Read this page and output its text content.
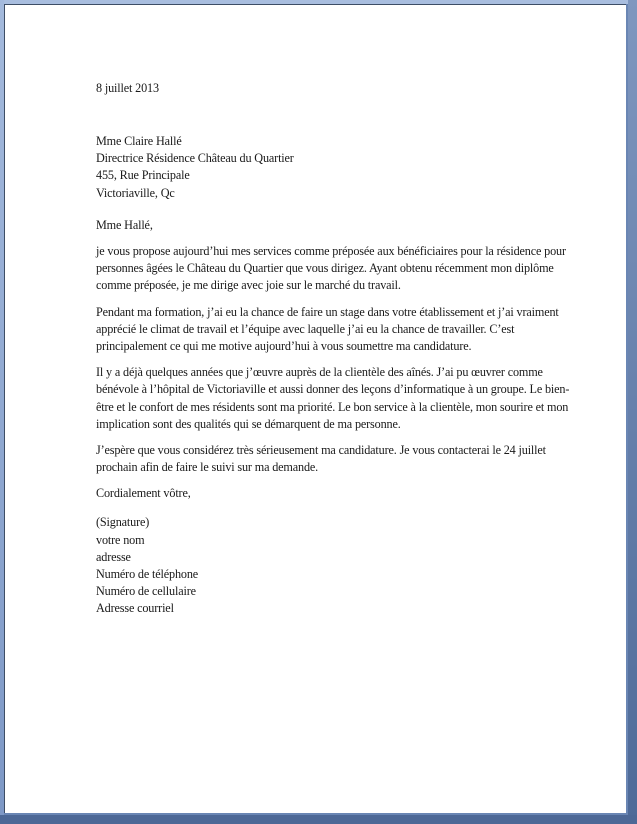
8 juillet 2013
Mme Claire Hallé
Directrice Résidence Château du Quartier
455, Rue Principale
Victoriaville, Qc
Mme Hallé,

je vous propose aujourd’hui mes services comme préposée aux bénéficiaires pour la résidence pour
personnes âgées le Château du Quartier que vous dirigez. Ayant obtenu récemment mon diplôme
comme préposée, je me dirige avec joie sur le marché du travail.

Pendant ma formation, j’ai eu la chance de faire un stage dans votre établissement et j’ai vraiment
apprécié le climat de travail et l’équipe avec laquelle j’ai eu la chance de travailler. C’est
principalement ce qui me motive aujourd’hui à vous soumettre ma candidature.

Il y a déjà quelques années que j’œuvre auprès de la clientèle des aînés. J’ai pu œuvrer comme
bénévole à l’hôpital de Victoriaville et aussi donner des leçons d’informatique à un groupe. Le bien-
être et le confort de mes résidents sont ma priorité. Le bon service à la clientèle, mon sourire et mon
implication sont des qualités qui se démarquent de ma personne.

J’espère que vous considérez très sérieusement ma candidature. Je vous contacterai le 24 juillet
prochain afin de faire le suivi sur ma demande.

Cordialement vôtre,

(Signature)
votre nom
adresse
Numéro de téléphone
Numéro de cellulaire
Adresse courriel
